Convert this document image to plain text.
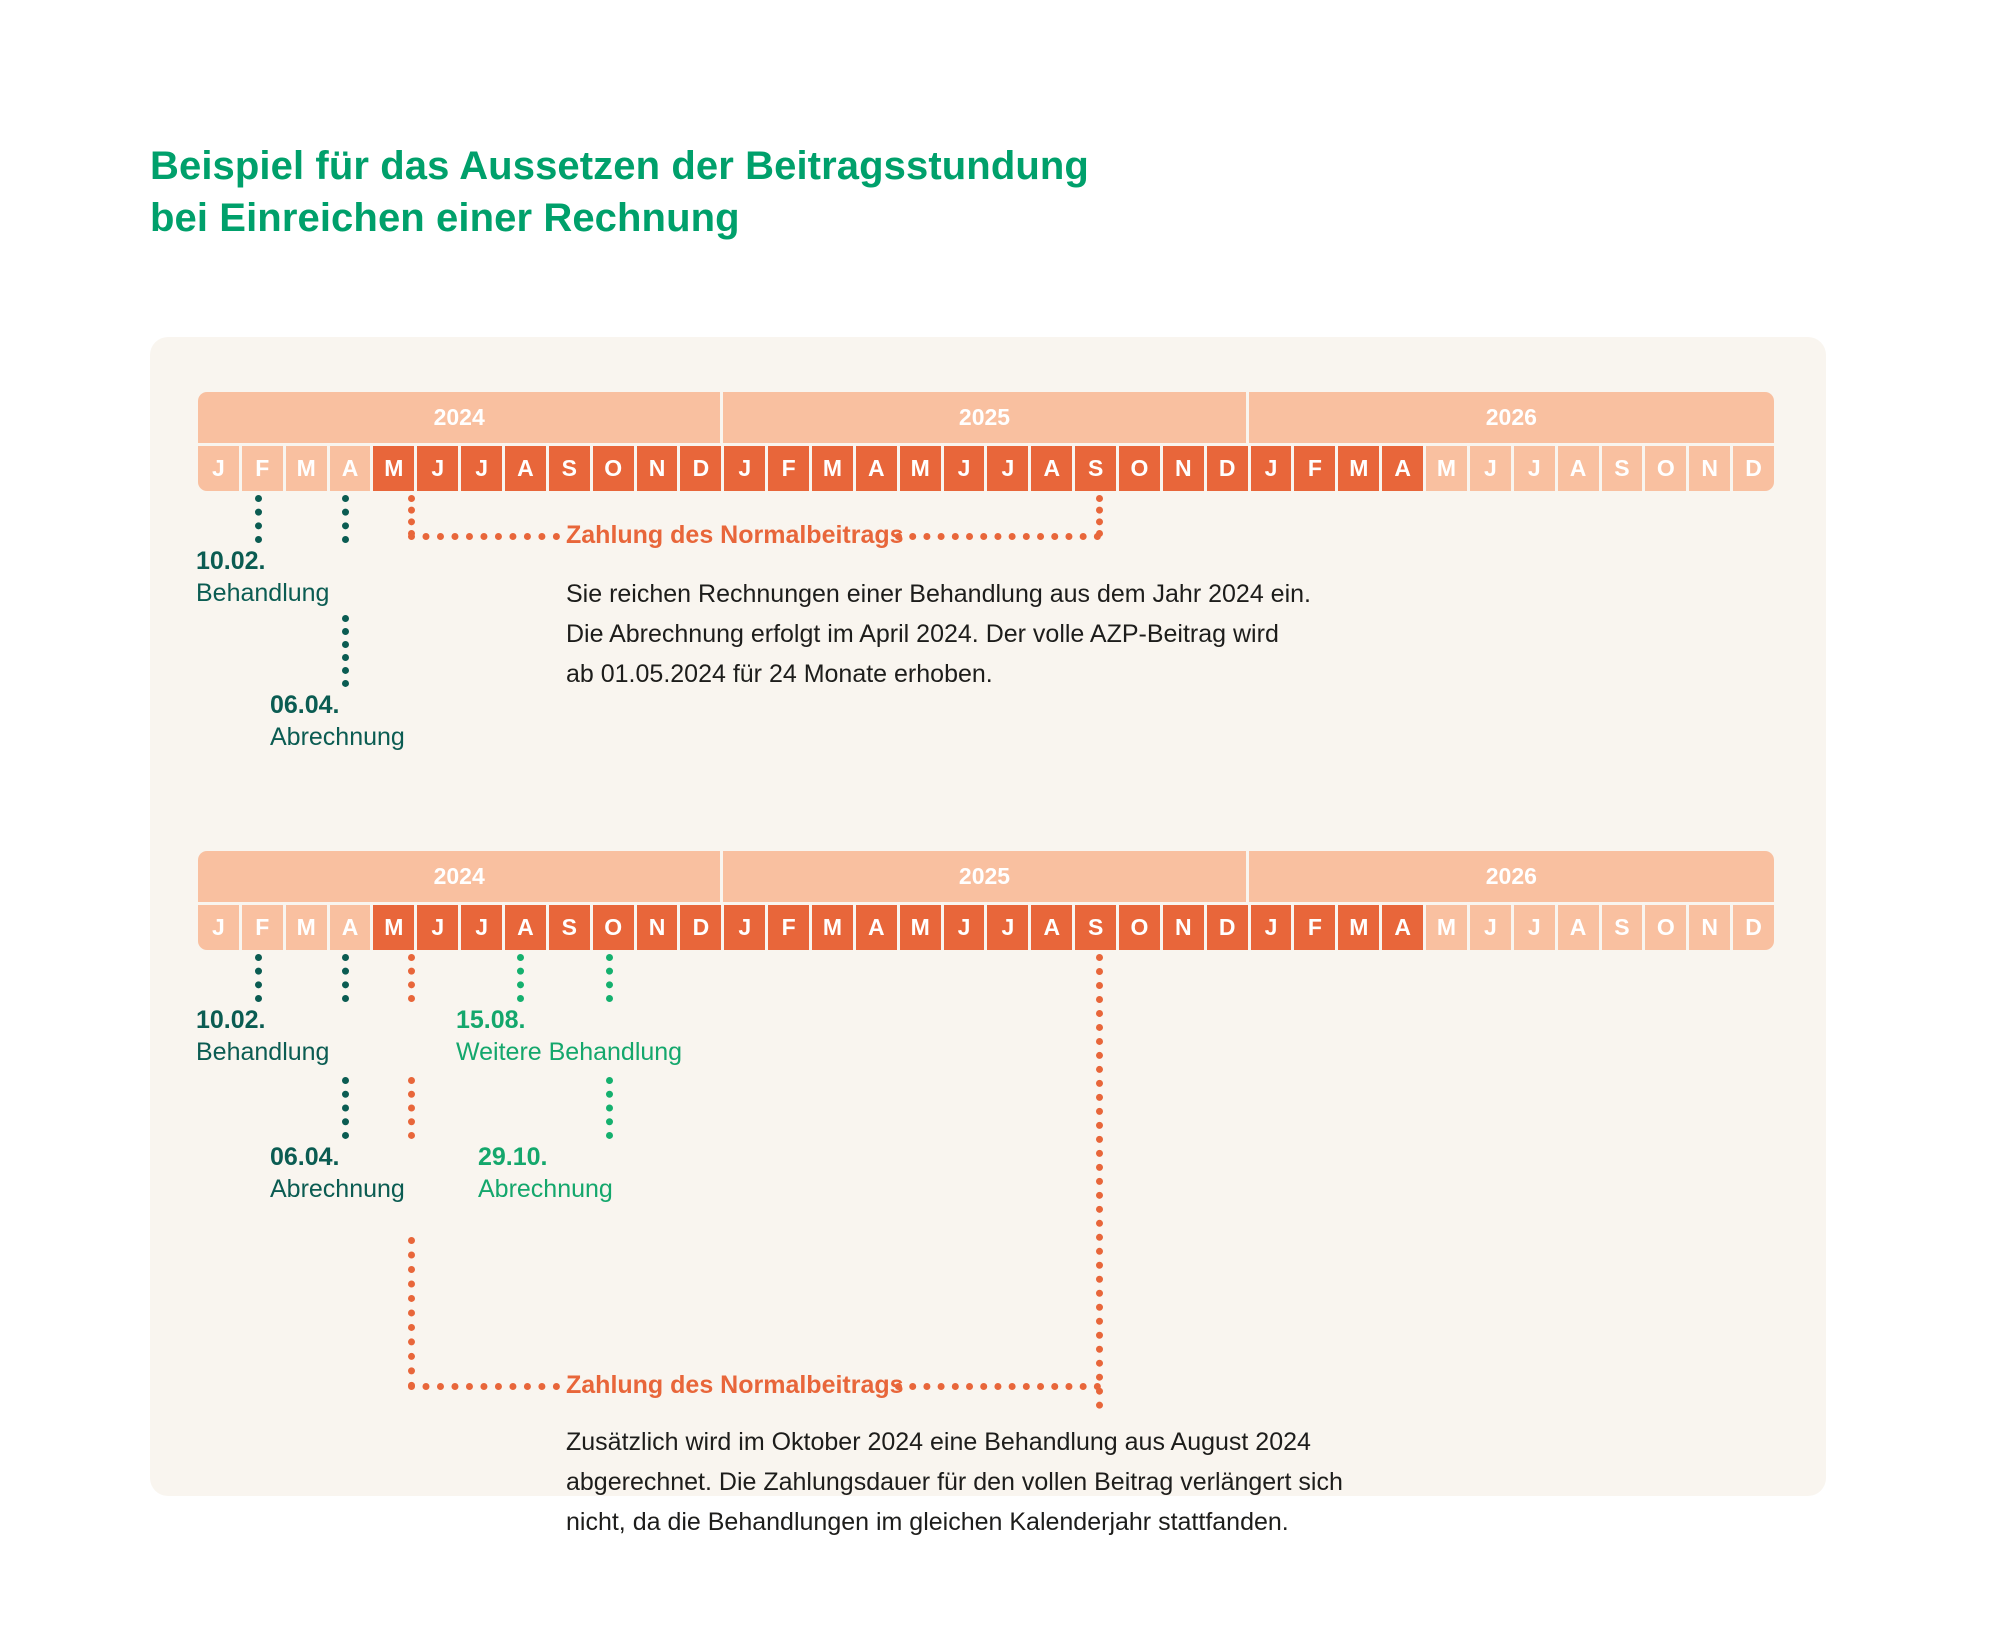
Beispiel für das Aussetzen der Beitragsstundung
bei Einreichen einer Rechnung
2024	2025	2026
J	F	M	A	M	J	J	A	S	O	N	D	J	F	M	A	M	J	J	A	S	O	N	D	J	F	M	A	M	J	J	A	S	O	N	D
Zahlung des Normalbeitrags
10.02.
Behandlung
06.04.
Abrechnung
Sie reichen Rechnungen einer Behandlung aus dem Jahr 2024 ein.
Die Abrechnung erfolgt im April 2024. Der volle AZP-Beitrag wird
ab 01.05.2024 für 24 Monate erhoben.
2024	2025	2026
J	F	M	A	M	J	J	A	S	O	N	D	J	F	M	A	M	J	J	A	S	O	N	D	J	F	M	A	M	J	J	A	S	O	N	D
10.02.
Behandlung
15.08.
Weitere Behandlung
06.04.
Abrechnung
29.10.
Abrechnung
Zahlung des Normalbeitrags
Zusätzlich wird im Oktober 2024 eine Behandlung aus August 2024
abgerechnet. Die Zahlungsdauer für den vollen Beitrag verlängert sich
nicht, da die Behandlungen im gleichen Kalenderjahr stattfanden.
